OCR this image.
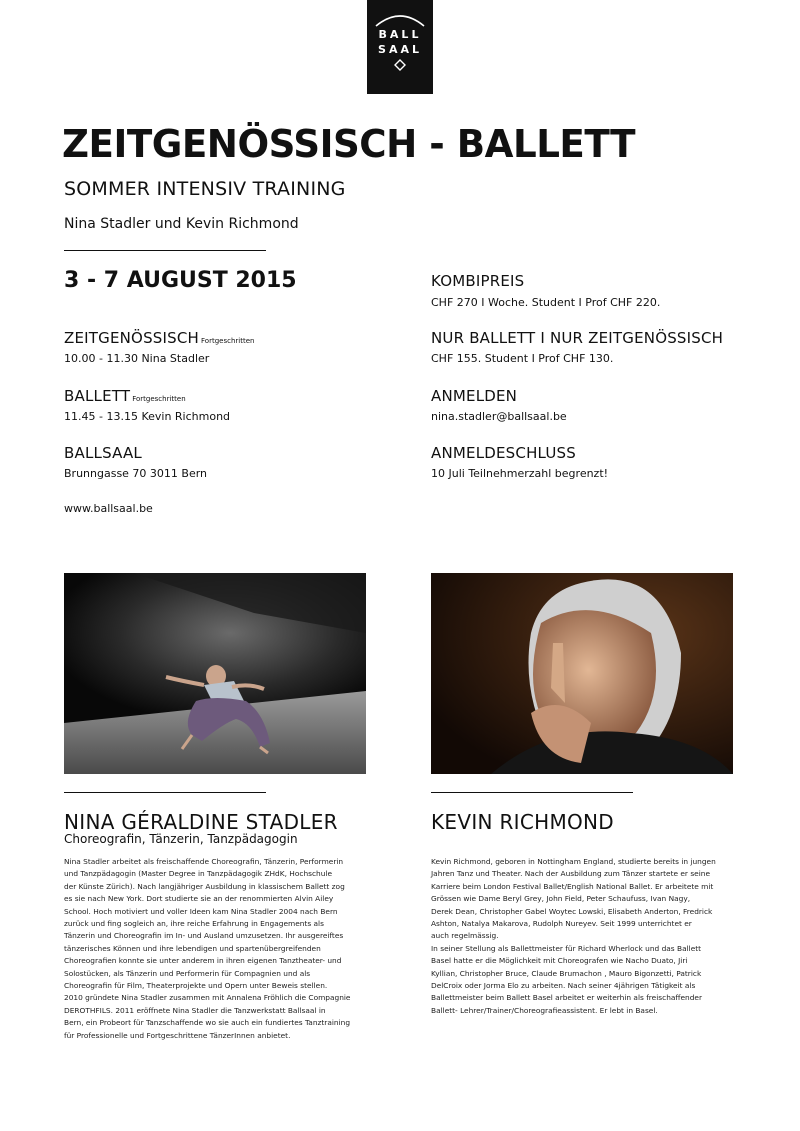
BALL
SAAL
ZEITGENÖSSISCH - BALLETT
SOMMER INTENSIV TRAINING
Nina Stadler und Kevin Richmond
3 - 7 AUGUST 2015
ZEITGENÖSSISCH Fortgeschritten
10.00 - 11.30 Nina Stadler
BALLETT Fortgeschritten
11.45 - 13.15 Kevin Richmond
BALLSAAL
Brunngasse 70 3011 Bern
www.ballsaal.be
KOMBIPREIS
CHF 270 I Woche. Student I Prof CHF 220.
NUR BALLETT I NUR ZEITGENÖSSISCH
CHF 155. Student I Prof CHF 130.
ANMELDEN
nina.stadler@ballsaal.be
ANMELDESCHLUSS
10 Juli Teilnehmerzahl begrenzt!
NINA GÉRALDINE STADLER
Choreografin, Tänzerin, Tanzpädagogin
Nina Stadler arbeitet als freischaffende Choreografin, Tänzerin, Performerin
und Tanzpädagogin (Master Degree in Tanzpädagogik ZHdK, Hochschule
der Künste Zürich). Nach langjähriger Ausbildung in klassischem Ballett zog
es sie nach New York. Dort studierte sie an der renommierten Alvin Ailey
School. Hoch motiviert und voller Ideen kam Nina Stadler 2004 nach Bern
zurück und fing sogleich an, ihre reiche Erfahrung in Engagements als
Tänzerin und Choreografin im In- und Ausland umzusetzen. Ihr ausgereiftes
tänzerisches Können und ihre lebendigen und spartenübergreifenden
Choreografien konnte sie unter anderem in ihren eigenen Tanztheater- und
Solostücken, als Tänzerin und Performerin für Compagnien und als
Choreografin für Film, Theaterprojekte und Opern unter Beweis stellen.
2010 gründete Nina Stadler zusammen mit Annalena Fröhlich die Compagnie
DEROTHFILS. 2011 eröffnete Nina Stadler die Tanzwerkstatt Ballsaal in
Bern, ein Probeort für Tanzschaffende wo sie auch ein fundiertes Tanztraining
für Professionelle und Fortgeschrittene TänzerInnen anbietet.
KEVIN RICHMOND
Kevin Richmond, geboren in Nottingham England, studierte bereits in jungen
Jahren Tanz und Theater. Nach der Ausbildung zum Tänzer startete er seine
Karriere beim London Festival Ballet/English National Ballet. Er arbeitete mit
Grössen wie Dame Beryl Grey, John Field, Peter Schaufuss, Ivan Nagy,
Derek Dean, Christopher Gabel Woytec Lowski, Elisabeth Anderton, Fredrick
Ashton, Natalya Makarova, Rudolph Nureyev. Seit 1999 unterrichtet er
auch regelmässig.
In seiner Stellung als Ballettmeister für Richard Wherlock und das Ballett
Basel hatte er die Möglichkeit mit Choreografen wie Nacho Duato, Jiri
Kyllian, Christopher Bruce, Claude Brumachon , Mauro Bigonzetti, Patrick
DelCroix oder Jorma Elo zu arbeiten. Nach seiner 4jährigen Tätigkeit als
Ballettmeister beim Ballett Basel arbeitet er weiterhin als freischaffender
Ballett- Lehrer/Trainer/Choreografieassistent. Er lebt in Basel.
